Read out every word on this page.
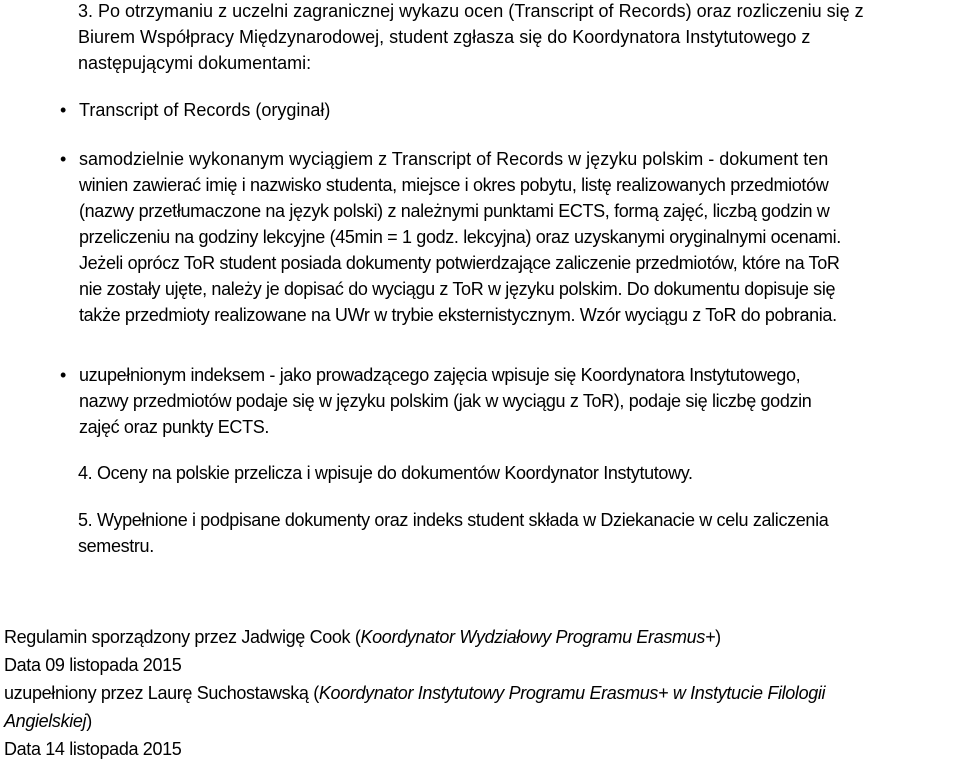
3. Po otrzymaniu z uczelni zagranicznej wykazu ocen (Transcript of Records) oraz rozliczeniu się z
Biurem Współpracy Międzynarodowej, student zgłasza się do Koordynatora Instytutowego z
następującymi dokumentami:
• Transcript of Records (oryginał)
• samodzielnie wykonanym wyciągiem z Transcript of Records w języku polskim - dokument ten
winien zawierać imię i nazwisko studenta, miejsce i okres pobytu, listę realizowanych przedmiotów
(nazwy przetłumaczone na język polski) z należnymi punktami ECTS, formą zajęć, liczbą godzin w
przeliczeniu na godziny lekcyjne (45min = 1 godz. lekcyjna) oraz uzyskanymi oryginalnymi ocenami.
Jeżeli oprócz ToR student posiada dokumenty potwierdzające zaliczenie przedmiotów, które na ToR
nie zostały ujęte, należy je dopisać do wyciągu z ToR w języku polskim. Do dokumentu dopisuje się
także przedmioty realizowane na UWr w trybie eksternistycznym. Wzór wyciągu z ToR do pobrania.
• uzupełnionym indeksem - jako prowadzącego zajęcia wpisuje się Koordynatora Instytutowego,
nazwy przedmiotów podaje się w języku polskim (jak w wyciągu z ToR), podaje się liczbę godzin
zajęć oraz punkty ECTS.
4. Oceny na polskie przelicza i wpisuje do dokumentów Koordynator Instytutowy.
5. Wypełnione i podpisane dokumenty oraz indeks student składa w Dziekanacie w celu zaliczenia
semestru.
Regulamin sporządzony przez Jadwigę Cook (Koordynator Wydziałowy Programu Erasmus+)
Data 09 listopada 2015
uzupełniony przez Laurę Suchostawską (Koordynator Instytutowy Programu Erasmus+ w Instytucie Filologii
Angielskiej)
Data 14 listopada 2015
